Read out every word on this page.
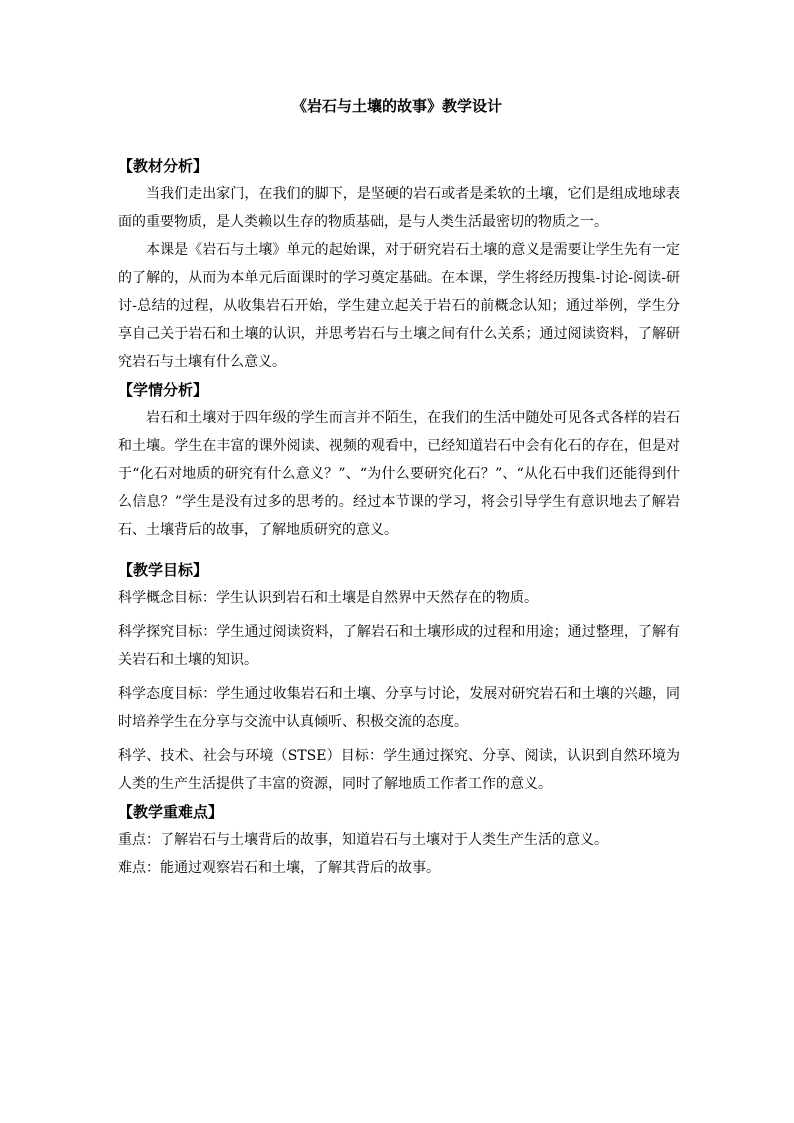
《岩石与土壤的故事》教学设计

【教材分析】

当我们走出家门，在我们的脚下，是坚硬的岩石或者是柔软的土壤，它们是组成地球表面的重要物质，是人类赖以生存的物质基础，是与人类生活最密切的物质之一。

本课是《岩石与土壤》单元的起始课，对于研究岩石土壤的意义是需要让学生先有一定的了解的，从而为本单元后面课时的学习奠定基础。在本课，学生将经历搜集-讨论-阅读-研讨-总结的过程，从收集岩石开始，学生建立起关于岩石的前概念认知；通过举例，学生分享自己关于岩石和土壤的认识，并思考岩石与土壤之间有什么关系；通过阅读资料，了解研究岩石与土壤有什么意义。

【学情分析】

岩石和土壤对于四年级的学生而言并不陌生，在我们的生活中随处可见各式各样的岩石和土壤。学生在丰富的课外阅读、视频的观看中，已经知道岩石中会有化石的存在，但是对于“化石对地质的研究有什么意义？”、“为什么要研究化石？”、“从化石中我们还能得到什么信息？”学生是没有过多的思考的。经过本节课的学习，将会引导学生有意识地去了解岩石、土壤背后的故事，了解地质研究的意义。

【教学目标】

科学概念目标：学生认识到岩石和土壤是自然界中天然存在的物质。

科学探究目标：学生通过阅读资料，了解岩石和土壤形成的过程和用途；通过整理，了解有关岩石和土壤的知识。

科学态度目标：学生通过收集岩石和土壤、分享与讨论，发展对研究岩石和土壤的兴趣，同时培养学生在分享与交流中认真倾听、积极交流的态度。

科学、技术、社会与环境（STSE）目标：学生通过探究、分享、阅读，认识到自然环境为人类的生产生活提供了丰富的资源，同时了解地质工作者工作的意义。

【教学重难点】

重点：了解岩石与土壤背后的故事，知道岩石与土壤对于人类生产生活的意义。

难点：能通过观察岩石和土壤，了解其背后的故事。
